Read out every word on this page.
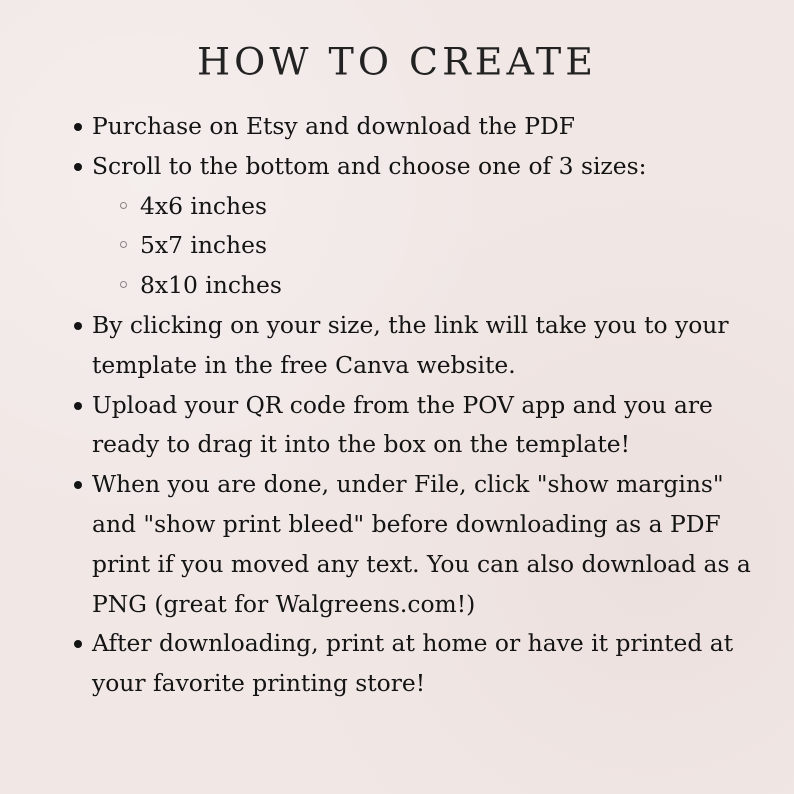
HOW TO CREATE
Purchase on Etsy and download the PDF
Scroll to the bottom and choose one of 3 sizes:
4x6 inches
5x7 inches
8x10 inches
By clicking on your size, the link will take you to your template in the free Canva website.
Upload your QR code from the POV app and you are ready to drag it into the box on the template!
When you are done, under File, click "show margins" and "show print bleed" before downloading as a PDF print if you moved any text. You can also download as a PNG (great for Walgreens.com!)
After downloading, print at home or have it printed at your favorite printing store!
